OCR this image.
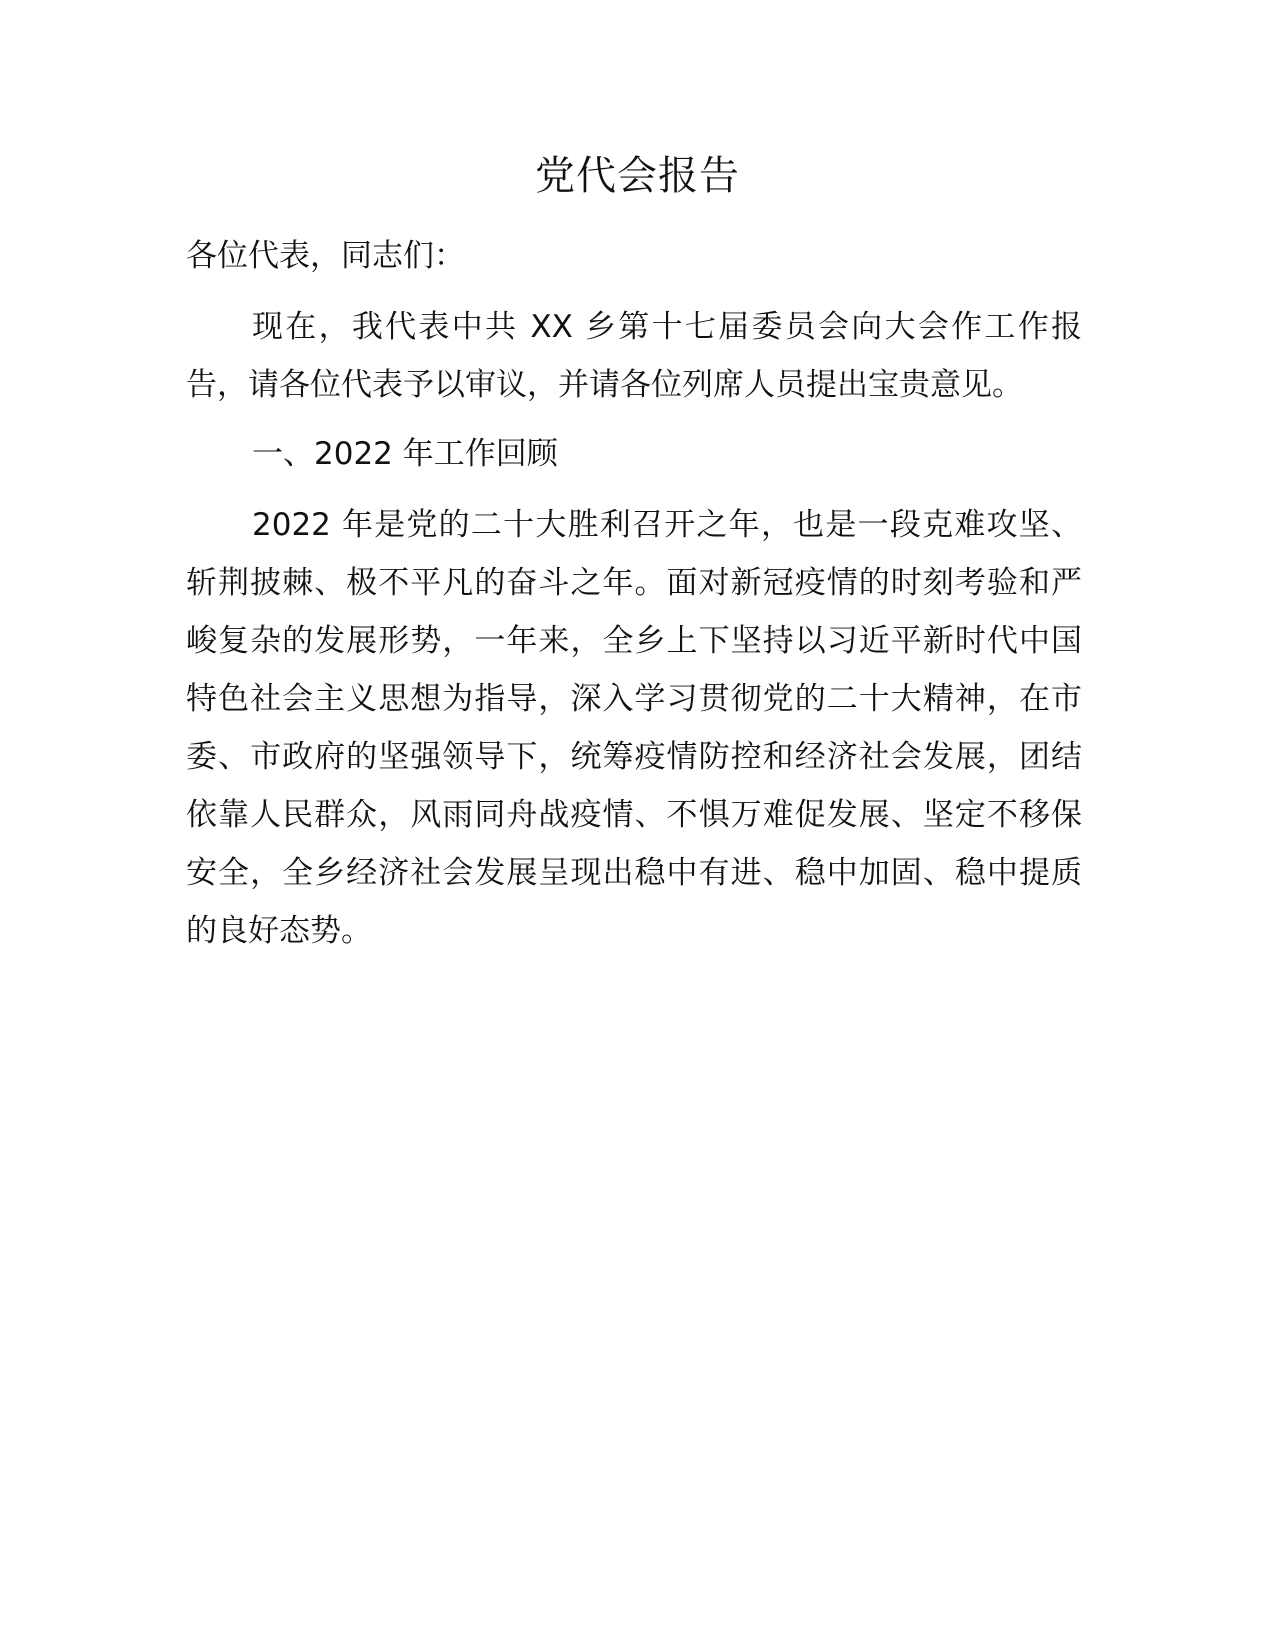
党代会报告

各位代表，同志们：

现在，我代表中共 XX 乡第十七届委员会向大会作工作报告，请各位代表予以审议，并请各位列席人员提出宝贵意见。

一、2022 年工作回顾

2022 年是党的二十大胜利召开之年，也是一段克难攻坚、斩荆披棘、极不平凡的奋斗之年。面对新冠疫情的时刻考验和严峻复杂的发展形势，一年来，全乡上下坚持以习近平新时代中国特色社会主义思想为指导，深入学习贯彻党的二十大精神，在市委、市政府的坚强领导下，统筹疫情防控和经济社会发展，团结依靠人民群众，风雨同舟战疫情、不惧万难促发展、坚定不移保安全，全乡经济社会发展呈现出稳中有进、稳中加固、稳中提质的良好态势。
